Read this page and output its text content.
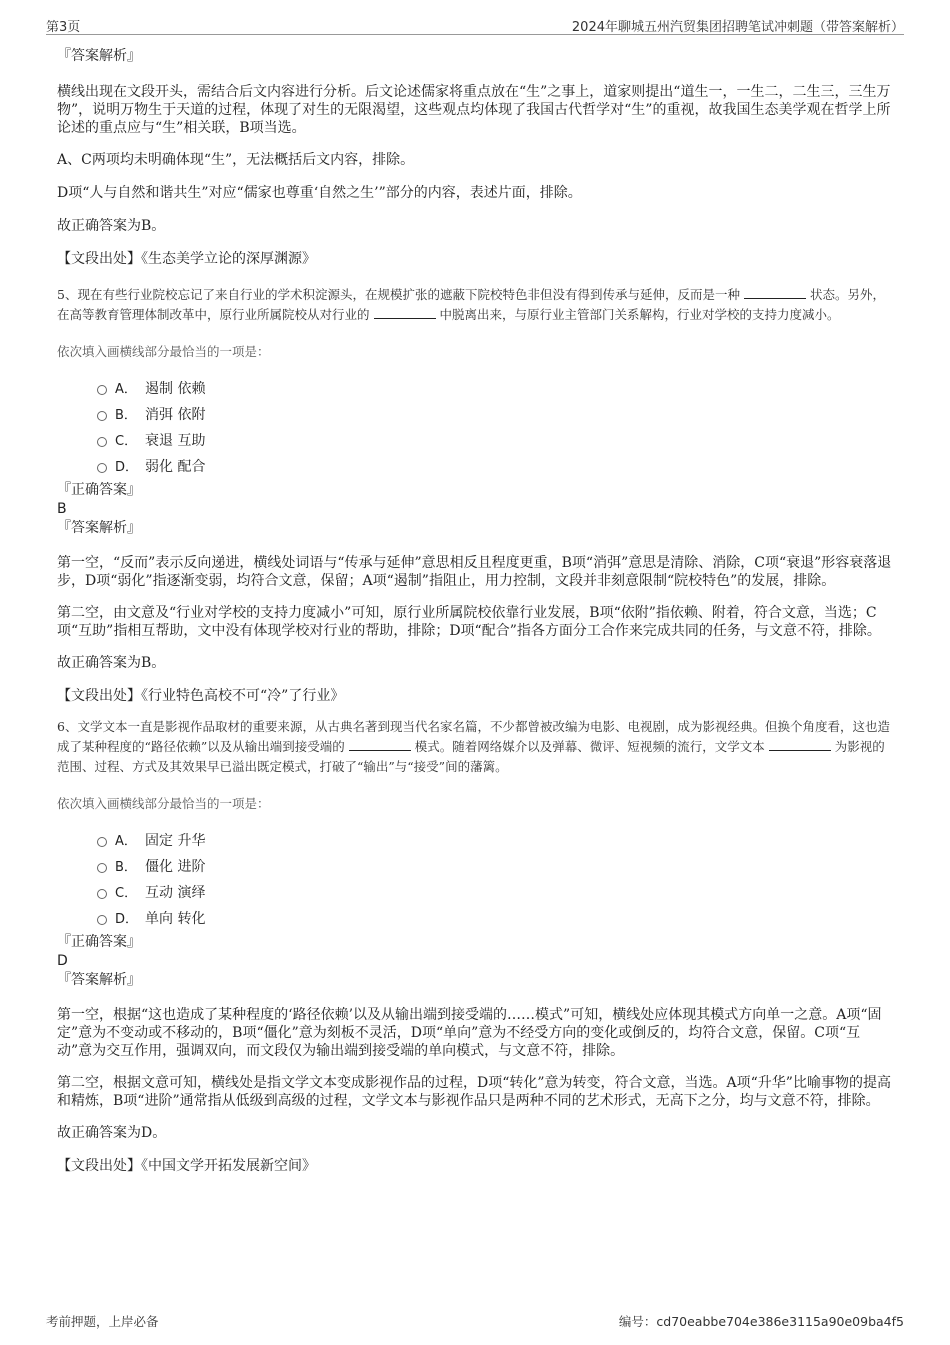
第3页	2024年聊城五州汽贸集团招聘笔试冲刺题（带答案解析）

『答案解析』

横线出现在文段开头，需结合后文内容进行分析。后文论述儒家将重点放在“生”之事上，道家则提出“道生一，一生二，二生三，三生万物”，说明万物生于天道的过程，体现了对生的无限渴望，这些观点均体现了我国古代哲学对“生”的重视，故我国生态美学观在哲学上所论述的重点应与“生”相关联，B项当选。

A、C两项均未明确体现“生”，无法概括后文内容，排除。

D项“人与自然和谐共生”对应“儒家也尊重‘自然之生’”部分的内容，表述片面，排除。

故正确答案为B。

【文段出处】《生态美学立论的深厚渊源》

5、现在有些行业院校忘记了来自行业的学术积淀源头，在规模扩张的遮蔽下院校特色非但没有得到传承与延伸，反而是一种	状态。另外，在高等教育管理体制改革中，原行业所属院校从对行业的	中脱离出来，与原行业主管部门关系解构，行业对学校的支持力度减小。

依次填入画横线部分最恰当的一项是：

A． 遏制 依赖
B． 消弭 依附
C． 衰退 互助
D． 弱化 配合

『正确答案』

B

『答案解析』

第一空，“反而”表示反向递进，横线处词语与“传承与延伸”意思相反且程度更重，B项“消弭”意思是清除、消除，C项“衰退”形容衰落退步，D项“弱化”指逐渐变弱，均符合文意，保留；A项“遏制”指阻止，用力控制，文段并非刻意限制“院校特色”的发展，排除。

第二空，由文意及“行业对学校的支持力度减小”可知，原行业所属院校依靠行业发展，B项“依附”指依赖、附着，符合文意，当选；C项“互助”指相互帮助，文中没有体现学校对行业的帮助，排除；D项“配合”指各方面分工合作来完成共同的任务，与文意不符，排除。

故正确答案为B。

【文段出处】《行业特色高校不可“冷”了行业》

6、文学文本一直是影视作品取材的重要来源，从古典名著到现当代名家名篇，不少都曾被改编为电影、电视剧，成为影视经典。但换个角度看，这也造成了某种程度的“路径依赖”以及从输出端到接受端的	模式。随着网络媒介以及弹幕、微评、短视频的流行，文学文本	为影视的范围、过程、方式及其效果早已溢出既定模式，打破了“输出”与“接受”间的藩篱。

依次填入画横线部分最恰当的一项是：

A． 固定 升华
B． 僵化 进阶
C． 互动 演绎
D． 单向 转化

『正确答案』

D

『答案解析』

第一空，根据“这也造成了某种程度的‘路径依赖’以及从输出端到接受端的……模式”可知，横线处应体现其模式方向单一之意。A项“固定”意为不变动或不移动的，B项“僵化”意为刻板不灵活，D项“单向”意为不经受方向的变化或倒反的，均符合文意，保留。C项“互动”意为交互作用，强调双向，而文段仅为输出端到接受端的单向模式，与文意不符，排除。

第二空，根据文意可知，横线处是指文学文本变成影视作品的过程，D项“转化”意为转变，符合文意，当选。A项“升华”比喻事物的提高和精炼，B项“进阶”通常指从低级到高级的过程，文学文本与影视作品只是两种不同的艺术形式，无高下之分，均与文意不符，排除。

故正确答案为D。

【文段出处】《中国文学开拓发展新空间》

考前押题，上岸必备	编号：cd70eabbe704e386e3115a90e09ba4f5
